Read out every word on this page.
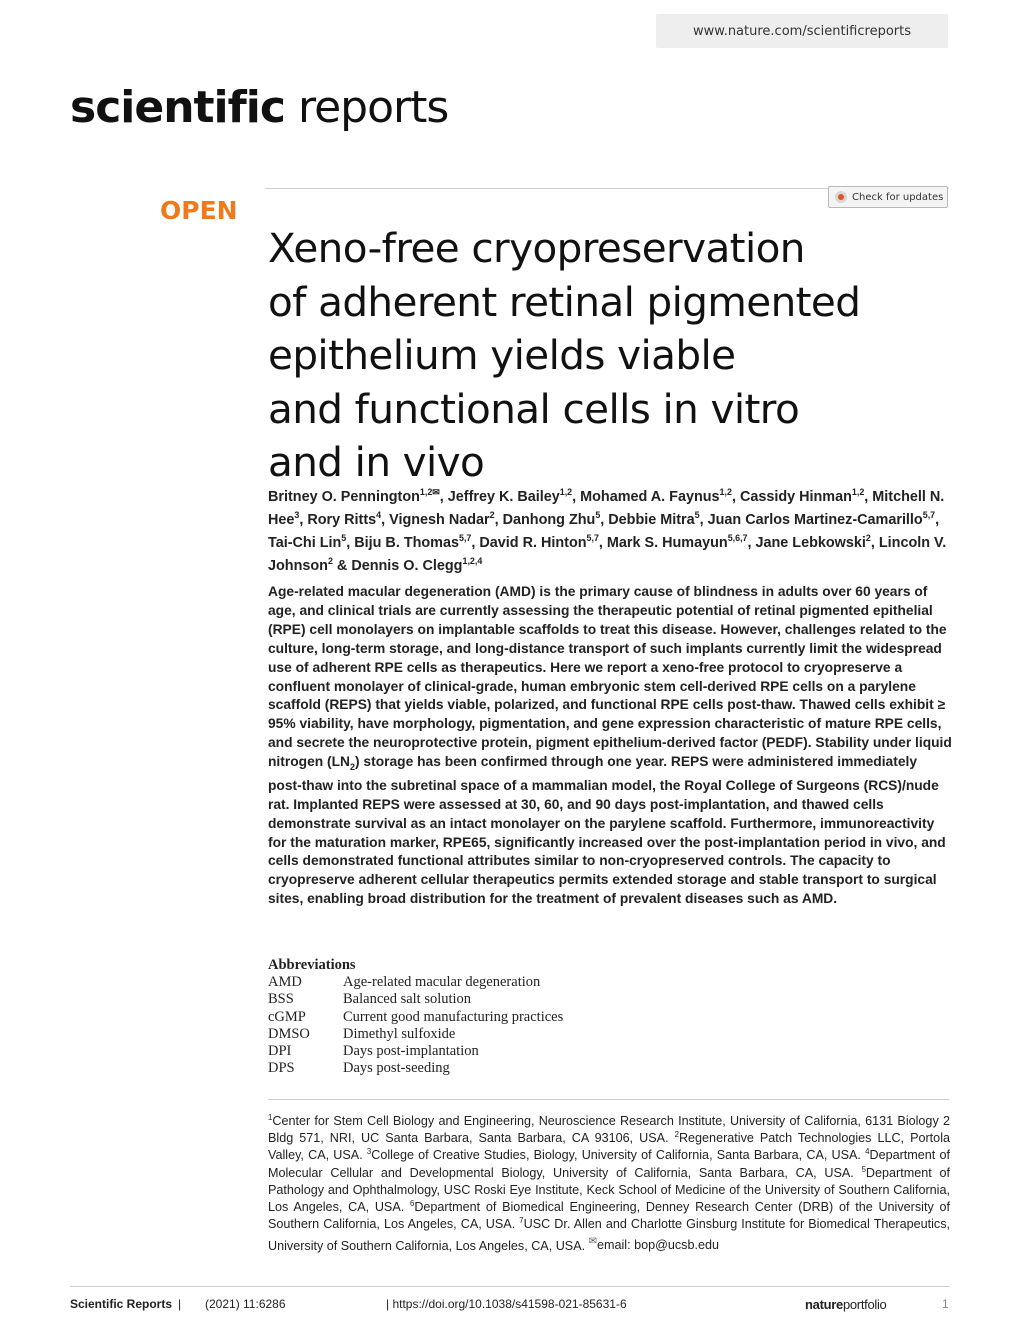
www.nature.com/scientificreports
scientific reports
Check for updates
OPEN
Xeno-free cryopreservation
of adherent retinal pigmented
epithelium yields viable
and functional cells in vitro
and in vivo
Britney O. Pennington$^{1,2✉}$, Jeffrey K. Bailey$^{1,2}$, Mohamed A. Faynus$^{1,2}$, Cassidy Hinman$^{1,2}$, Mitchell N. Hee$^3$, Rory Ritts$^4$, Vignesh Nadar$^2$, Danhong Zhu$^5$, Debbie Mitra$^5$, Juan Carlos Martinez-Camarillo$^{5,7}$, Tai-Chi Lin$^5$, Biju B. Thomas$^{5,7}$, David R. Hinton$^{5,7}$, Mark S. Humayun$^{5,6,7}$, Jane Lebkowski$^2$, Lincoln V. Johnson$^2$ & Dennis O. Clegg$^{1,2,4}$
Age-related macular degeneration (AMD) is the primary cause of blindness in adults over 60 years of age, and clinical trials are currently assessing the therapeutic potential of retinal pigmented epithelial (RPE) cell monolayers on implantable scaffolds to treat this disease. However, challenges related to the culture, long-term storage, and long-distance transport of such implants currently limit the widespread use of adherent RPE cells as therapeutics. Here we report a xeno-free protocol to cryopreserve a confluent monolayer of clinical-grade, human embryonic stem cell-derived RPE cells on a parylene scaffold (REPS) that yields viable, polarized, and functional RPE cells post-thaw. Thawed cells exhibit ≥ 95% viability, have morphology, pigmentation, and gene expression characteristic of mature RPE cells, and secrete the neuroprotective protein, pigment epithelium-derived factor (PEDF). Stability under liquid nitrogen $(LN_2)$ storage has been confirmed through one year. REPS were administered immediately post-thaw into the subretinal space of a mammalian model, the Royal College of Surgeons (RCS)/nude rat. Implanted REPS were assessed at 30, 60, and 90 days post-implantation, and thawed cells demonstrate survival as an intact monolayer on the parylene scaffold. Furthermore, immunoreactivity for the maturation marker, RPE65, significantly increased over the post-implantation period in vivo, and cells demonstrated functional attributes similar to non-cryopreserved controls. The capacity to cryopreserve adherent cellular therapeutics permits extended storage and stable transport to surgical sites, enabling broad distribution for the treatment of prevalent diseases such as AMD.
Abbreviations
AMD	Age-related macular degeneration
BSS	Balanced salt solution
cGMP	Current good manufacturing practices
DMSO	Dimethyl sulfoxide
DPI	Days post-implantation
DPS	Days post-seeding
$^1$Center for Stem Cell Biology and Engineering, Neuroscience Research Institute, University of California, 6131 Biology 2 Bldg 571, NRI, UC Santa Barbara, Santa Barbara, CA 93106, USA. $^2$Regenerative Patch Technologies LLC, Portola Valley, CA, USA. $^3$College of Creative Studies, Biology, University of California, Santa Barbara, CA, USA. $^4$Department of Molecular Cellular and Developmental Biology, University of California, Santa Barbara, CA, USA. $^5$Department of Pathology and Ophthalmology, USC Roski Eye Institute, Keck School of Medicine of the University of Southern California, Los Angeles, CA, USA. $^6$Department of Biomedical Engineering, Denney Research Center (DRB) of the University of Southern California, Los Angeles, CA, USA. $^7$USC Dr. Allen and Charlotte Ginsburg Institute for Biomedical Therapeutics, University of Southern California, Los Angeles, CA, USA. ✉email: bop@ucsb.edu
Scientific Reports | (2021) 11:6286	| https://doi.org/10.1038/s41598-021-85631-6	natureportfolio	1
